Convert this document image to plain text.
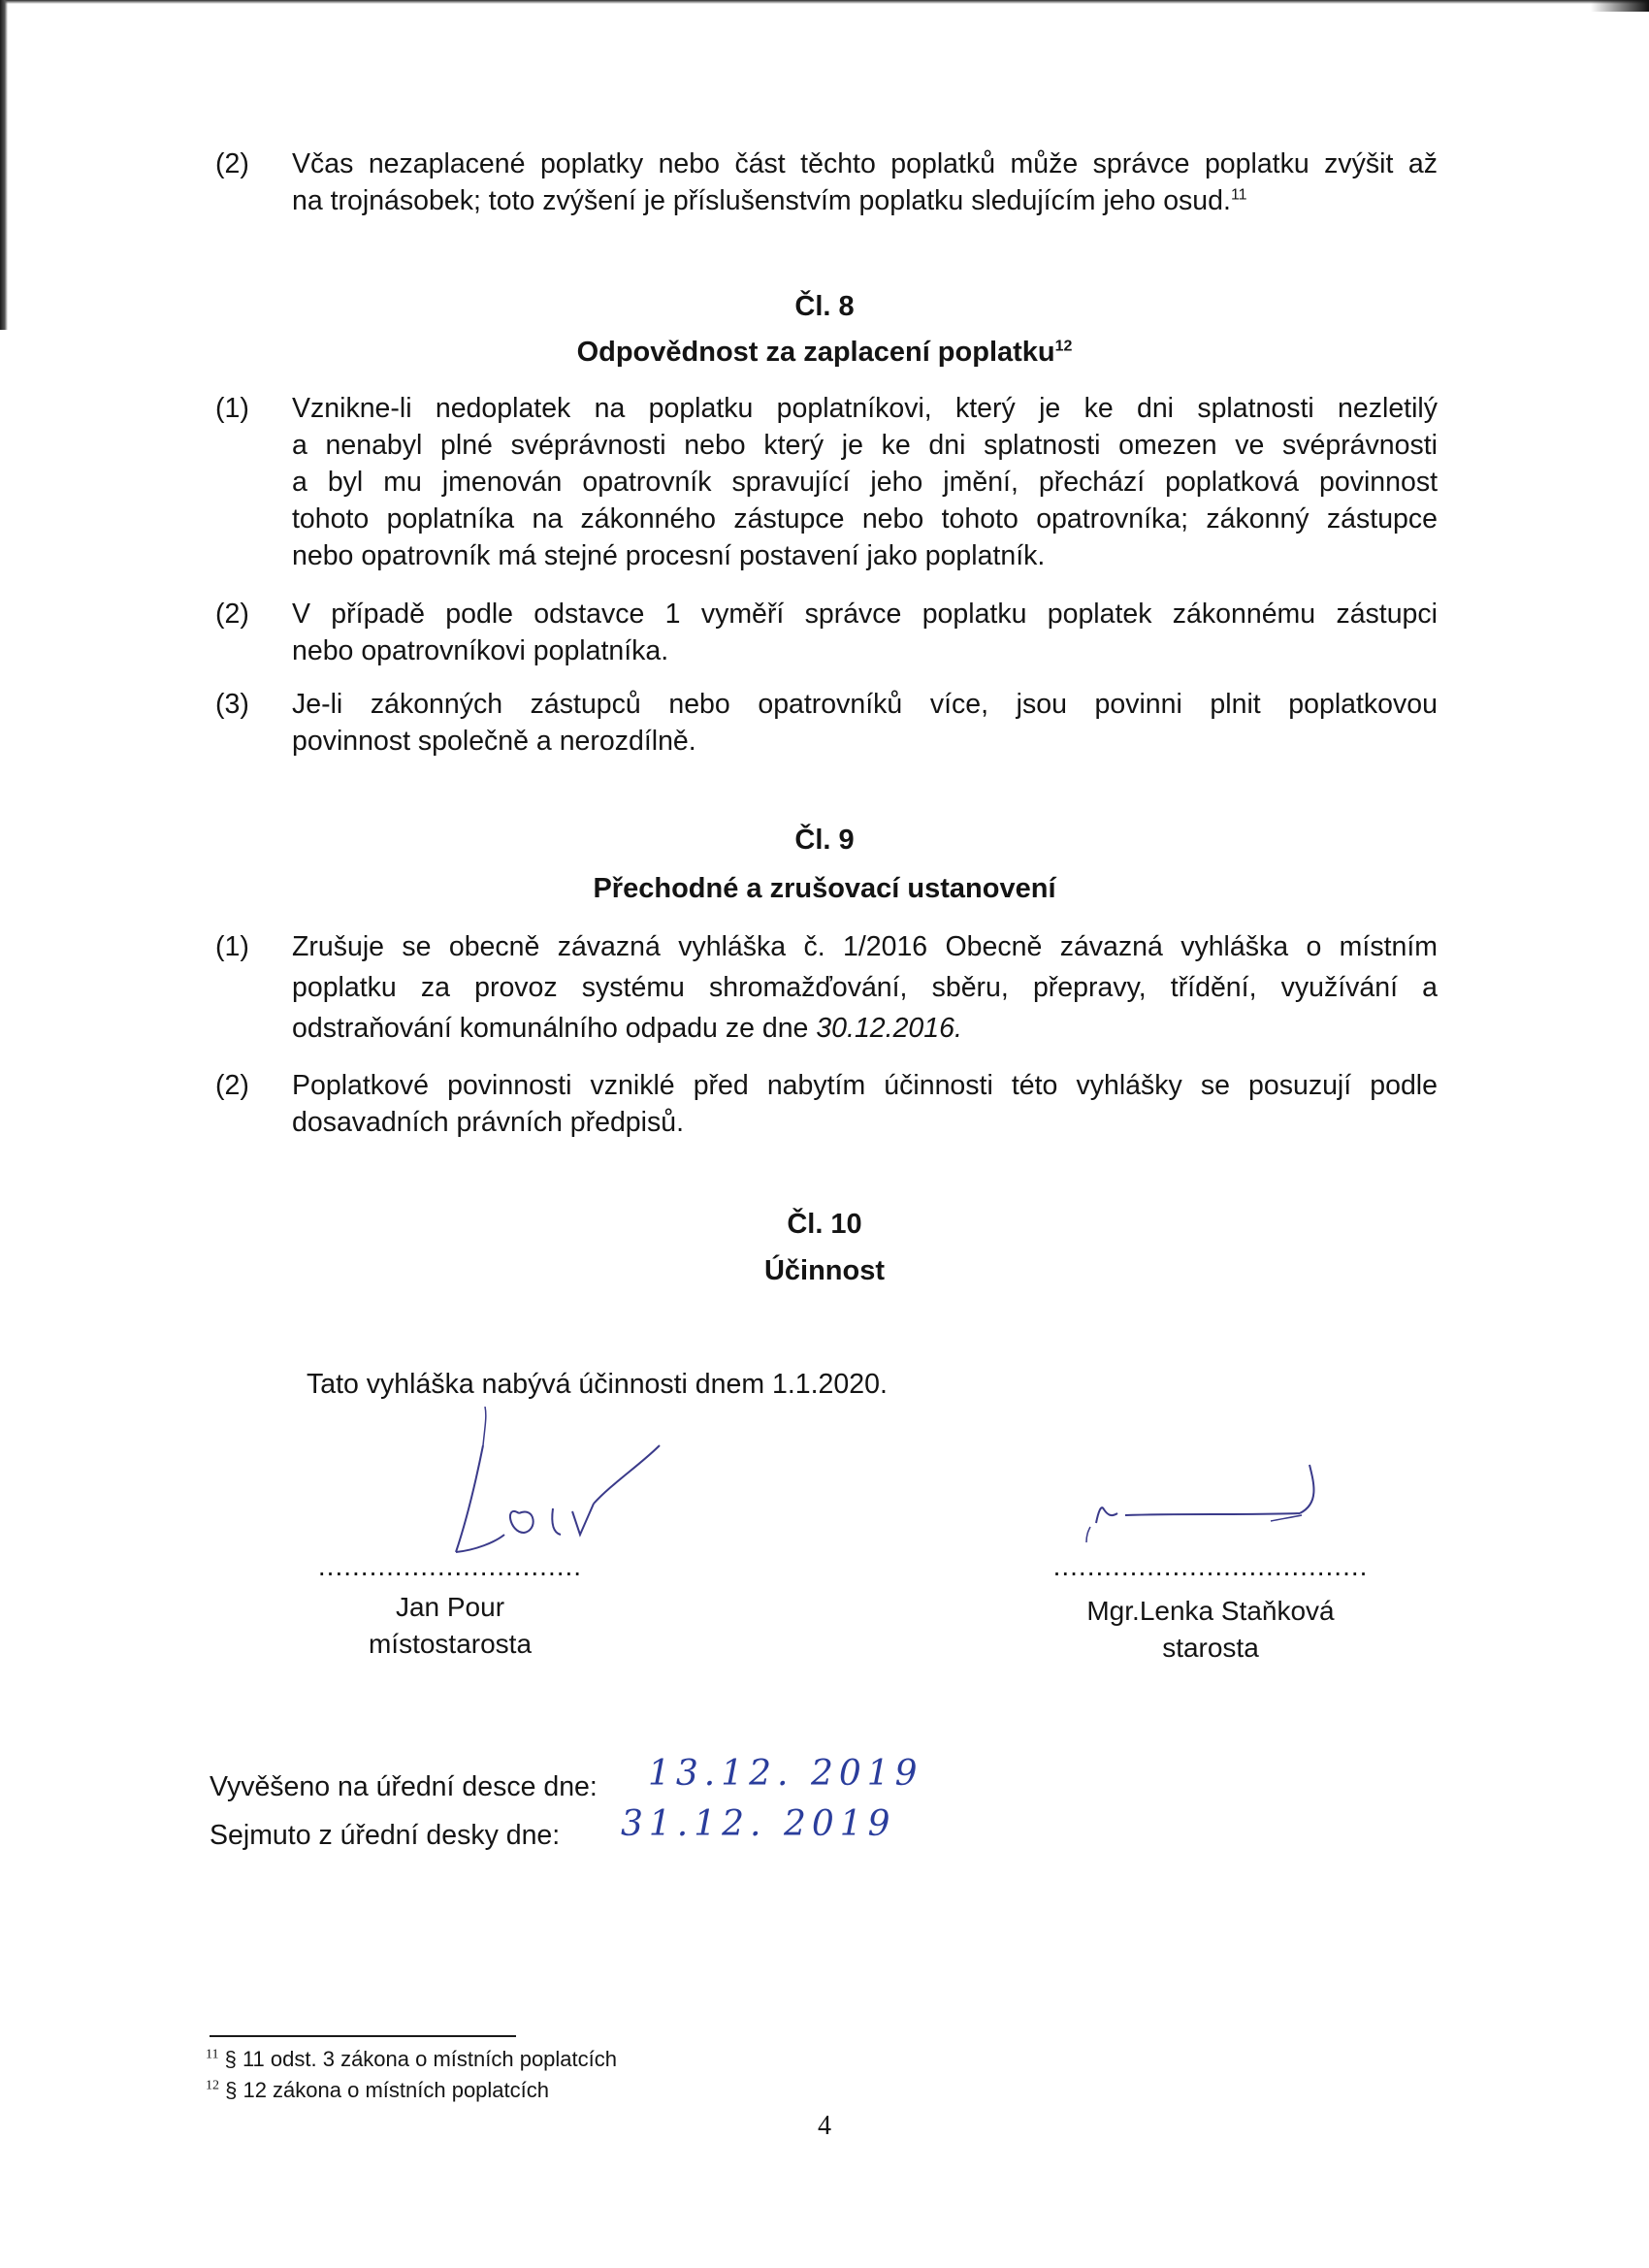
(2) Včas nezaplacené poplatky nebo část těchto poplatků může správce poplatku zvýšit až
na trojnásobek; toto zvýšení je příslušenstvím poplatku sledujícím jeho osud.$^{11}$
Čl. 8
Odpovědnost za zaplacení poplatku$^{12}$
(1) Vznikne-li nedoplatek na poplatku poplatníkovi, který je ke dni splatnosti nezletilý
a nenabyl plné svéprávnosti nebo který je ke dni splatnosti omezen ve svéprávnosti
a byl mu jmenován opatrovník spravující jeho jmění, přechází poplatková povinnost
tohoto poplatníka na zákonného zástupce nebo tohoto opatrovníka; zákonný zástupce
nebo opatrovník má stejné procesní postavení jako poplatník.
(2) V případě podle odstavce 1 vyměří správce poplatku poplatek zákonnému zástupci
nebo opatrovníkovi poplatníka.
(3) Je-li zákonných zástupců nebo opatrovníků více, jsou povinni plnit poplatkovou
povinnost společně a nerozdílně.
Čl. 9
Přechodné a zrušovací ustanovení
(1) Zrušuje se obecně závazná vyhláška č. 1/2016 Obecně závazná vyhláška o místním
poplatku za provoz systému shromažďování, sběru, přepravy, třídění, využívání a
odstraňování komunálního odpadu ze dne 30.12.2016.
(2) Poplatkové povinnosti vzniklé před nabytím účinnosti této vyhlášky se posuzují podle
dosavadních právních předpisů.
Čl. 10
Účinnost
Tato vyhláška nabývá účinnosti dnem 1.1.2020.
...............................
Jan Pour
místostarosta
.....................................
Mgr.Lenka Staňková
starosta
Vyvěšeno na úřední desce dne: 13.12. 2019
Sejmuto z úřední desky dne: 31.12. 2019
$^{11}$ § 11 odst. 3 zákona o místních poplatcích
$^{12}$ § 12 zákona o místních poplatcích
4
